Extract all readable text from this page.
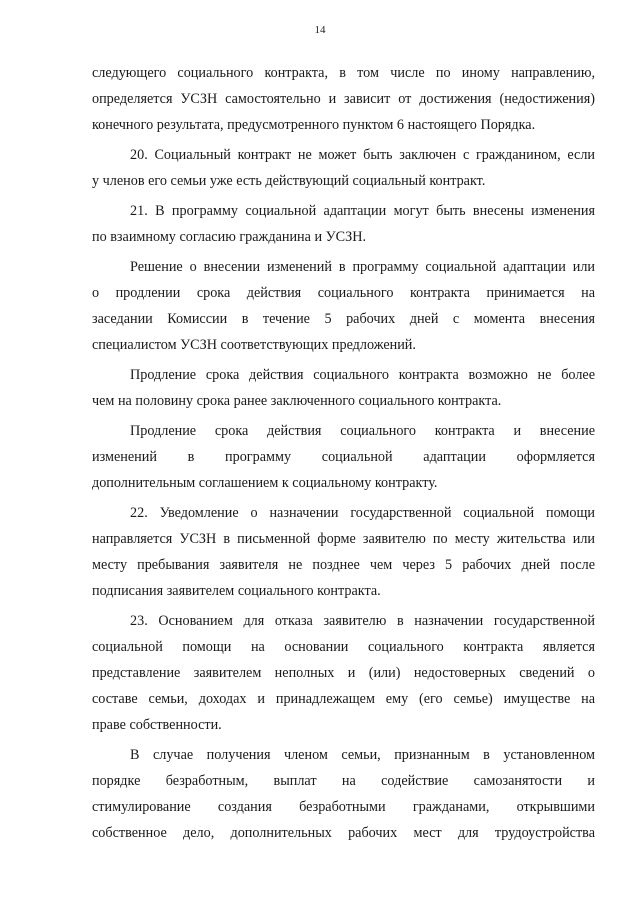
14

следующего социального контракта, в том числе по иному направлению,
определяется УСЗН самостоятельно и зависит от достижения (недостижения)
конечного результата, предусмотренного пунктом 6 настоящего Порядка.

20. Социальный контракт не может быть заключен с гражданином, если
у членов его семьи уже есть действующий социальный контракт.

21. В программу социальной адаптации могут быть внесены изменения
по взаимному согласию гражданина и УСЗН.

Решение о внесении изменений в программу социальной адаптации или
о продлении срока действия социального контракта принимается на
заседании Комиссии в течение 5 рабочих дней с момента внесения
специалистом УСЗН соответствующих предложений.

Продление срока действия социального контракта возможно не более
чем на половину срока ранее заключенного социального контракта.

Продление срока действия социального контракта и внесение
изменений в программу социальной адаптации оформляется
дополнительным соглашением к социальному контракту.

22. Уведомление о назначении государственной социальной помощи
направляется УСЗН в письменной форме заявителю по месту жительства или
месту пребывания заявителя не позднее чем через 5 рабочих дней после
подписания заявителем социального контракта.

23. Основанием для отказа заявителю в назначении государственной
социальной помощи на основании социального контракта является
представление заявителем неполных и (или) недостоверных сведений о
составе семьи, доходах и принадлежащем ему (его семье) имуществе на
праве собственности.

В случае получения членом семьи, признанным в установленном
порядке безработным, выплат на содействие самозанятости и
стимулирование создания безработными гражданами, открывшими
собственное дело, дополнительных рабочих мест для трудоустройства
